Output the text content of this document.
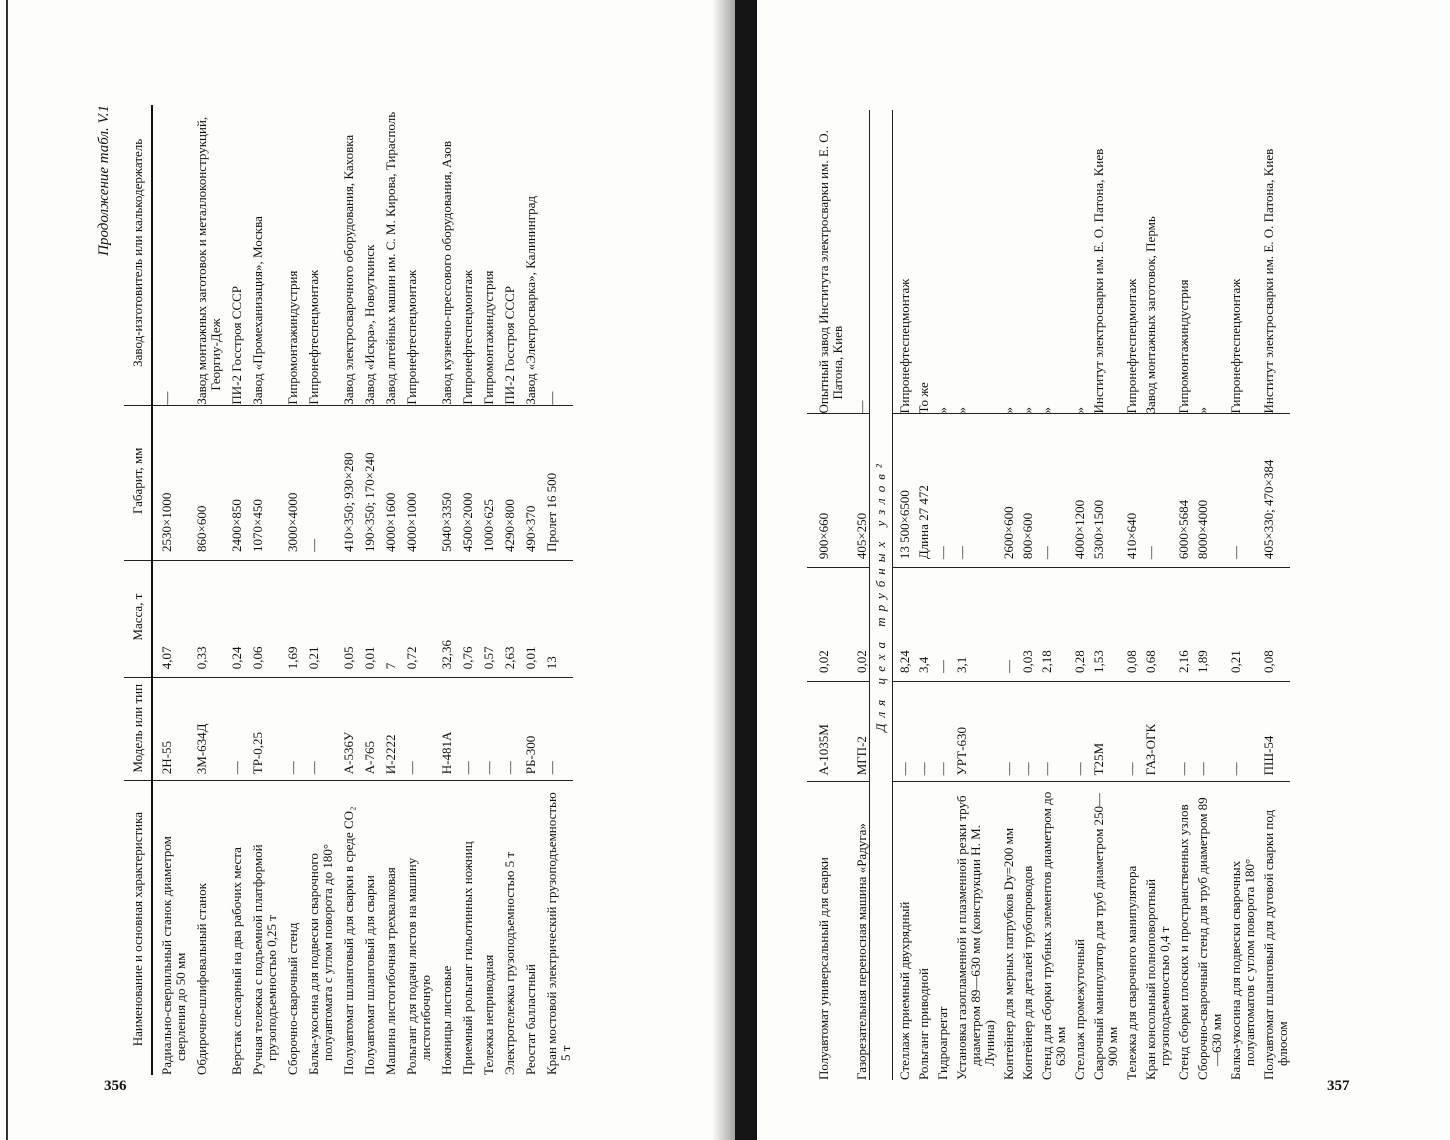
356
Продолжение табл. V.1
Наименование и основная характеристика	Модель или тип	Масса, т	Габарит, мм	Завод-изготовитель или калькодержатель
Радиально-сверлильный станок диаметром сверления до 50 мм	2Н-55	4,07	2530×1000	—
Обдирочно-шлифовальный станок	3М-634Д	0,33	860×600	Завод монтажных заготовок и металлоконструкций, Георгиу-Деж
Верстак слесарный на два рабочих места	—	0,24	2400×850	ПИ-2 Госстроя СССР
Ручная тележка с подъемной платформой грузоподъемностью 0,25 т	ТР-0,25	0,06	1070×450	Завод «Промеханизация», Москва
Сборочно-сварочный стенд	—	1,69	3000×4000	Гипромонтажиндустрия
Балка-укосина для подвески сварочного полуавтомата с углом поворота до 180°	—	0,21	—	Гипронефтеспецмонтаж
Полуавтомат шланговый для сварки в среде CO₂	А-536У	0,05	410×350; 930×280	Завод электросварочного оборудования, Каховка
Полуавтомат шланговый для сварки	А-765	0,01	190×350; 170×240	Завод «Искра», Новоуткинск
Машина листогибочная трехвалковая	И-2222	7	4000×1600	Завод литейных машин им. С. М. Кирова, Тирасполь
Рольганг для подачи листов на машину листогибочную	—	0,72	4000×1000	Гипронефтеспецмонтаж
Ножницы листовые	Н-481А	32,36	5040×3350	Завод кузнечно-прессового оборудования, Азов
Приемный рольганг гильотинных ножниц	—	0,76	4500×2000	Гипронефтеспецмонтаж
Тележка неприводная	—	0,57	1000×625	Гипромонтажиндустрия
Электротележка грузоподъемностью 5 т	—	2,63	4290×800	ПИ-2 Госстроя СССР
Реостат балластный	РБ-300	0,01	490×370	Завод «Электросварка», Калининград
Кран мостовой электрический грузоподъемностью 5 т	—	13	Пролет 16 500	—
357
Полуавтомат универсальный для сварки	А-1035М	0,02	900×660	Опытный завод Института электросварки им. Е. О. Патона, Киев
Газорезательная переносная машина «Радуга»	МГП-2	0,02	405×250	—
Для цеха трубных узлов²				
Стеллаж приемный двухрядный	—	8,24	13 500×6500	Гипронефтеспецмонтаж
Рольганг приводной	—	3,4	Длина 27 472	То же
Гидроагрегат	—	—	—	»
Установка газопламенной и плазменной резки труб диаметром 89—630 мм (конструкции Н. М. Лунина)	УРТ-630	3,1	—	»
Контейнер для мерных патрубков Dy=200 мм	—	—	2600×600	»
Контейнер для деталей трубопроводов	—	0,03	800×600	»
Стенд для сборки трубных элементов диаметром до 630 мм	—	2,18	—	»
Стеллаж промежуточный	—	0,28	4000×1200	»
Сварочный манипулятор для труб диаметром 250—900 мм	Т25М	1,53	5300×1500	Институт электросварки им. Е. О. Патона, Киев
Тележка для сварочного манипулятора	—	0,08	410×640	Гипронефтеспецмонтаж
Кран консольный полноповоротный грузоподъемностью 0,4 т	ГАЗ-ОГК	0,68	—	Завод монтажных заготовок, Пермь
Стенд сборки плоских и пространственных узлов	—	2,16	6000×5684	Гипромонтажиндустрия
Сборочно-сварочный стенд для труб диаметром 89—630 мм	—	1,89	8000×4000	»
Балка-укосина для подвески сварочных полуавтоматов с углом поворота 180°	—	0,21	—	Гипронефтеспецмонтаж
Полуавтомат шланговый для дуговой сварки под флюсом	ПШ-54	0,08	405×330; 470×384	Институт электросварки им. Е. О. Патона, Киев
